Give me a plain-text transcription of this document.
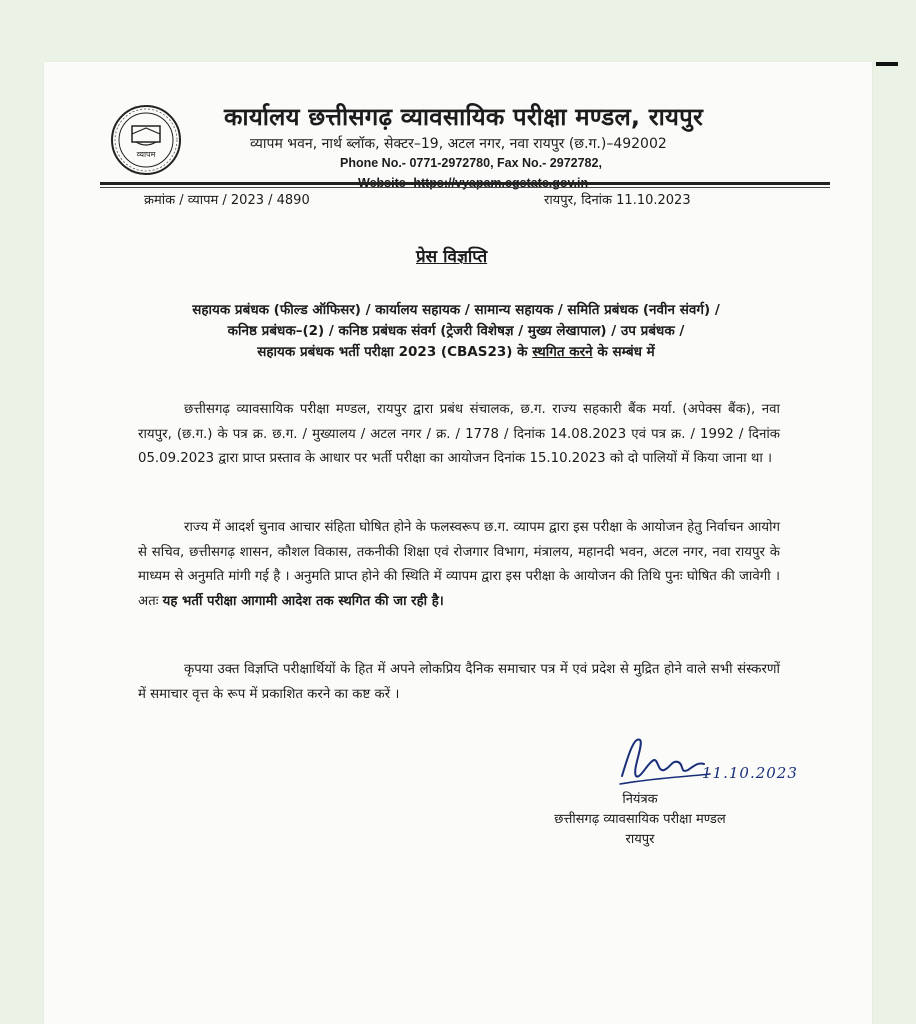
व्यापम
कार्यालय छत्तीसगढ़ व्यावसायिक परीक्षा मण्डल, रायपुर
व्यापम भवन, नार्थ ब्लॉक, सेक्टर–19, अटल नगर, नवा रायपुर (छ.ग.)–492002
Phone No.- 0771-2972780, Fax No.- 2972782,
क्रमांक / व्यापम / 2023 / 4890	रायपुर, दिनांक 11.10.2023
प्रेस विज्ञप्ति
सहायक प्रबंधक (फील्ड ऑफिसर) / कार्यालय सहायक / सामान्य सहायक / समिति प्रबंधक (नवीन संवर्ग) /
कनिष्ठ प्रबंधक–(2) / कनिष्ठ प्रबंधक संवर्ग (ट्रेजरी विशेषज्ञ / मुख्य लेखापाल) / उप प्रबंधक /
सहायक प्रबंधक भर्ती परीक्षा 2023 (CBAS23) के स्थगित करने के सम्बंध में
छत्तीसगढ़ व्यावसायिक परीक्षा मण्डल, रायपुर द्वारा प्रबंध संचालक, छ.ग. राज्य सहकारी बैंक मर्या. (अपेक्स बैंक), नवा रायपुर, (छ.ग.) के पत्र क्र. छ.ग. / मुख्यालय / अटल नगर / क्र. / 1778 / दिनांक 14.08.2023 एवं पत्र क्र. / 1992 / दिनांक 05.09.2023 द्वारा प्राप्त प्रस्ताव के आधार पर भर्ती परीक्षा का आयोजन दिनांक 15.10.2023 को दो पालियों में किया जाना था ।
राज्य में आदर्श चुनाव आचार संहिता घोषित होने के फलस्वरूप छ.ग. व्यापम द्वारा इस परीक्षा के आयोजन हेतु निर्वाचन आयोग से सचिव, छत्तीसगढ़ शासन, कौशल विकास, तकनीकी शिक्षा एवं रोजगार विभाग, मंत्रालय, महानदी भवन, अटल नगर, नवा रायपुर के माध्यम से अनुमति मांगी गई है । अनुमति प्राप्त होने की स्थिति में व्यापम द्वारा इस परीक्षा के आयोजन की तिथि पुनः घोषित की जावेगी । अतः यह भर्ती परीक्षा आगामी आदेश तक स्थगित की जा रही है।
कृपया उक्त विज्ञप्ति परीक्षार्थियों के हित में अपने लोकप्रिय दैनिक समाचार पत्र में एवं प्रदेश से मुद्रित होने वाले सभी संस्करणों में समाचार वृत्त के रूप में प्रकाशित करने का कष्ट करें ।
11.10.2023
नियंत्रक
छत्तीसगढ़ व्यावसायिक परीक्षा मण्डल
रायपुर
